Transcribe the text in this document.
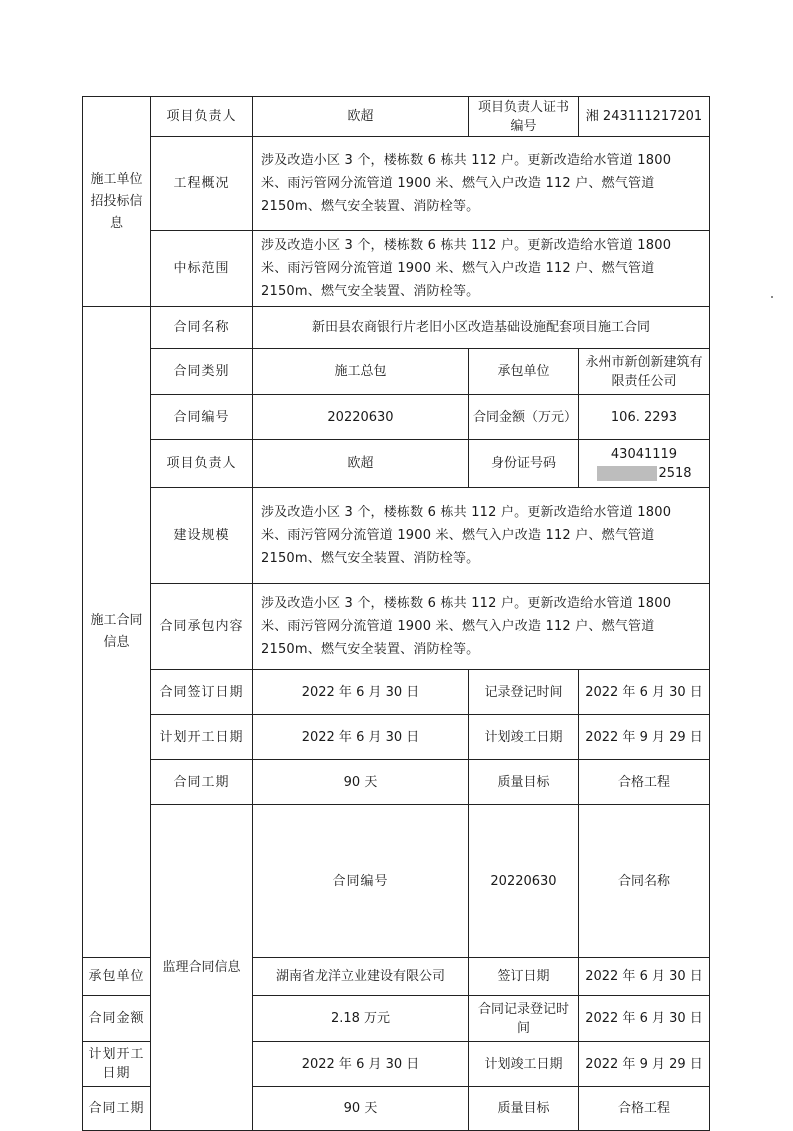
施工单位招投标信息	项目负责人	欧超	项目负责人证书编号	湘 243111217201	
	工程概况	涉及改造小区 3 个，楼栋数 6 栋共 112 户。更新改造给水管道 1800 米、雨污管网分流管道 1900 米、燃气入户改造 112 户、燃气管道 2150m、燃气安全装置、消防栓等。			
	中标范围	涉及改造小区 3 个，楼栋数 6 栋共 112 户。更新改造给水管道 1800 米、雨污管网分流管道 1900 米、燃气入户改造 112 户、燃气管道 2150m、燃气安全装置、消防栓等。			
施工合同信息	合同名称	新田县农商银行片老旧小区改造基础设施配套项目施工合同			
	合同类别	施工总包	承包单位	永州市新创新建筑有限责任公司	
	合同编号	20220630	合同金额（万元）	106. 2293	
	项目负责人	欧超	身份证号码	430411192518	
	建设规模	涉及改造小区 3 个，楼栋数 6 栋共 112 户。更新改造给水管道 1800 米、雨污管网分流管道 1900 米、燃气入户改造 112 户、燃气管道 2150m、燃气安全装置、消防栓等。			
	合同承包内容	涉及改造小区 3 个，楼栋数 6 栋共 112 户。更新改造给水管道 1800 米、雨污管网分流管道 1900 米、燃气入户改造 112 户、燃气管道 2150m、燃气安全装置、消防栓等。			
	合同签订日期	2022 年 6 月 30 日	记录登记时间	2022 年 6 月 30 日	
	计划开工日期	2022 年 6 月 30 日	计划竣工日期	2022 年 9 月 29 日	
	合同工期	90 天	质量目标	合格工程	
	监理合同信息	合同编号	20220630	合同名称	
承包单位		湖南省龙洋立业建设有限公司	签订日期	2022 年 6 月 30 日	
合同金额		2.18 万元	合同记录登记时间	2022 年 6 月 30 日	
计划开工日期		2022 年 6 月 30 日	计划竣工日期	2022 年 9 月 29 日	
合同工期		90 天	质量目标	合格工程	
